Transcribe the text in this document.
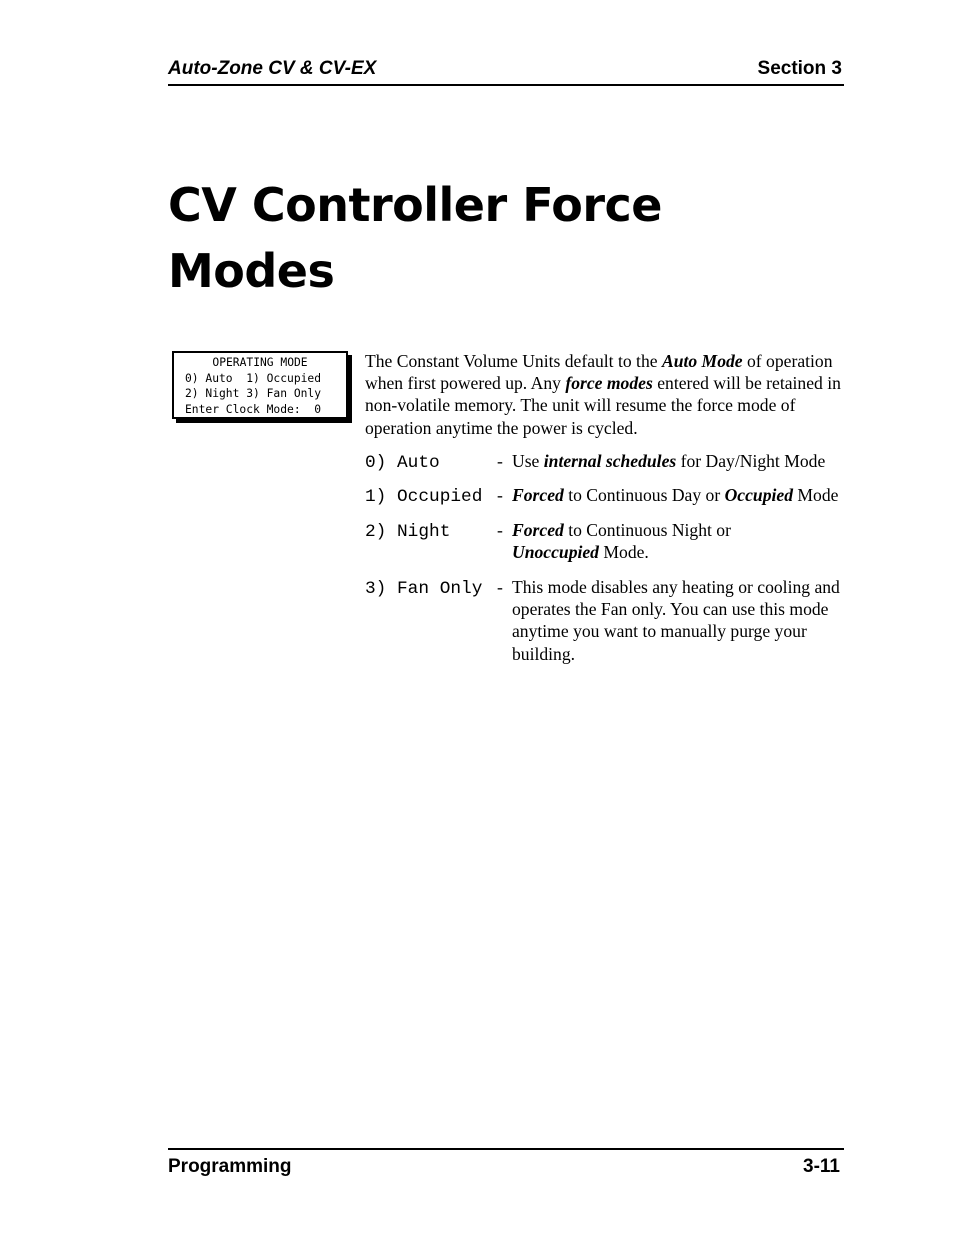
Auto-Zone CV & CV-EX	Section 3
CV Controller Force
Modes
OPERATING MODE
0) Auto  1) Occupied
2) Night 3) Fan Only
Enter Clock Mode:  0

The Constant Volume Units default to the Auto Mode of operation when first powered up. Any force modes entered will be retained in non-volatile memory. The unit will resume the force mode of operation anytime the power is cycled.

0) Auto	- Use internal schedules for Day/Night Mode
1) Occupied - Forced to Continuous Day or Occupied Mode
2) Night	- Forced to Continuous Night or
Unoccupied Mode.
3) Fan Only - This mode disables any heating or cooling and operates the Fan only. You can use this mode anytime you want to manually purge your building.
Programming	3-11
